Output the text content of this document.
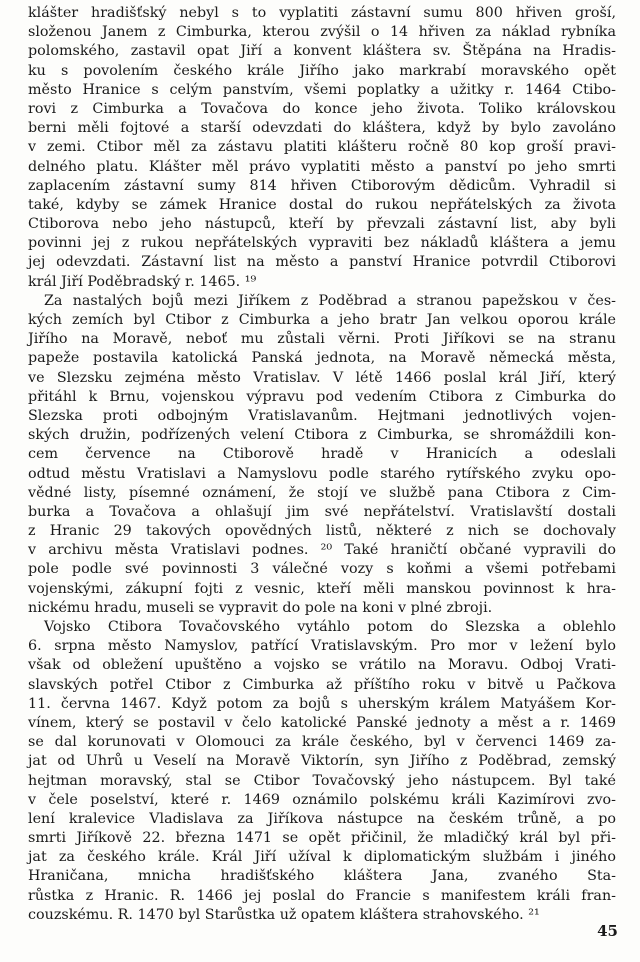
klášter hradišťský nebyl s to vyplatiti zástavní sumu 800 hřiven groší,
složenou Janem z Cimburka, kterou zvýšil o 14 hřiven za náklad rybníka
polomského, zastavil opat Jiří a konvent kláštera sv. Štěpána na Hradis-
ku s povolením českého krále Jiřího jako markrabí moravského opět
město Hranice s celým panstvím, všemi poplatky a užitky r. 1464 Ctibo-
rovi z Cimburka a Tovačova do konce jeho života. Toliko královskou
berni měli fojtové a starší odevzdati do kláštera, když by bylo zavoláno
v zemi. Ctibor měl za zástavu platiti klášteru ročně 80 kop groší pravi-
delného platu. Klášter měl právo vyplatiti město a panství po jeho smrti
zaplacením zástavní sumy 814 hřiven Ctiborovým dědicům. Vyhradil si
také, kdyby se zámek Hranice dostal do rukou nepřátelských za života
Ctiborova nebo jeho nástupců, kteří by převzali zástavní list, aby byli
povinni jej z rukou nepřátelských vypraviti bez nákladů kláštera a jemu
jej odevzdati. Zástavní list na město a panství Hranice potvrdil Ctiborovi
král Jiří Poděbradský r. 1465. ¹⁹
Za nastalých bojů mezi Jiříkem z Poděbrad a stranou papežskou v čes-
kých zemích byl Ctibor z Cimburka a jeho bratr Jan velkou oporou krále
Jiřího na Moravě, neboť mu zůstali věrni. Proti Jiříkovi se na stranu
papeže postavila katolická Panská jednota, na Moravě německá města,
ve Slezsku zejména město Vratislav. V létě 1466 poslal král Jiří, který
přitáhl k Brnu, vojenskou výpravu pod vedením Ctibora z Cimburka do
Slezska proti odbojným Vratislavanům. Hejtmani jednotlivých vojen-
ských družin, podřízených velení Ctibora z Cimburka, se shromáždili kon-
cem července na Ctiborově hradě v Hranicích a odeslali
odtud městu Vratislavi a Namyslovu podle starého rytířského zvyku opo-
vědné listy, písemné oznámení, že stojí ve službě pana Ctibora z Cim-
burka a Tovačova a ohlašují jim své nepřátelství. Vratislavští dostali
z Hranic 29 takových opovědných listů, některé z nich se dochovaly
v archivu města Vratislavi podnes. ²⁰ Také hraničtí občané vypravili do
pole podle své povinnosti 3 válečné vozy s koňmi a všemi potřebami
vojenskými, zákupní fojti z vesnic, kteří měli manskou povinnost k hra-
nickému hradu, museli se vypravit do pole na koni v plné zbroji.
Vojsko Ctibora Tovačovského vytáhlo potom do Slezska a oblehlo
6. srpna město Namyslov, patřící Vratislavským. Pro mor v ležení bylo
však od obležení upuštěno a vojsko se vrátilo na Moravu. Odboj Vrati-
slavských potřel Ctibor z Cimburka až příštího roku v bitvě u Pačkova
11. června 1467. Když potom za bojů s uherským králem Matyášem Kor-
vínem, který se postavil v čelo katolické Panské jednoty a měst a r. 1469
se dal korunovati v Olomouci za krále českého, byl v červenci 1469 za-
jat od Uhrů u Veselí na Moravě Viktorín, syn Jiřího z Poděbrad, zemský
hejtman moravský, stal se Ctibor Tovačovský jeho nástupcem. Byl také
v čele poselství, které r. 1469 oznámilo polskému králi Kazimírovi zvo-
lení kralevice Vladislava za Jiříkova nástupce na českém trůně, a po
smrti Jiříkově 22. března 1471 se opět přičinil, že mladičký král byl při-
jat za českého krále. Král Jiří užíval k diplomatickým službám i jiného
Hraničana, mnicha hradišťského kláštera Jana, zvaného Sta-
růstka z Hranic. R. 1466 jej poslal do Francie s manifestem králi fran-
couzskému. R. 1470 byl Starůstka už opatem kláštera strahovského. ²¹
45
